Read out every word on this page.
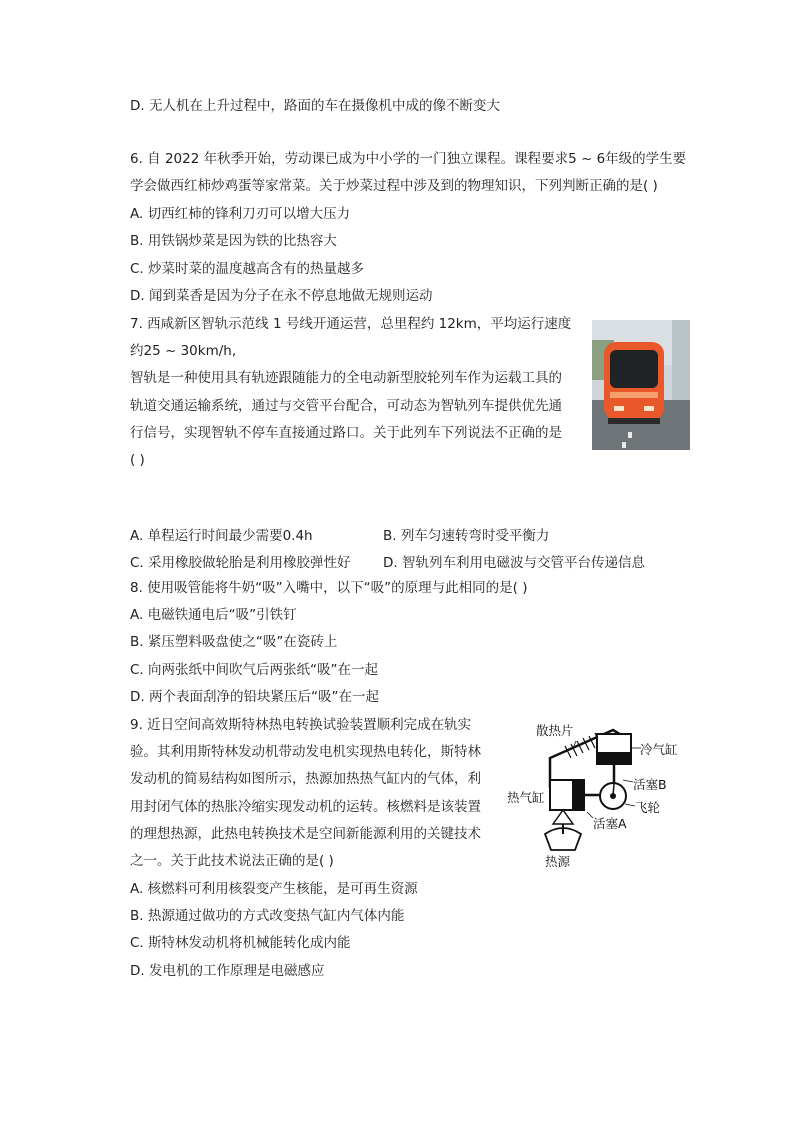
D. 无人机在上升过程中，路面的车在摄像机中成的像不断变大
6. 自 2022 年秋季开始，劳动课已成为中小学的一门独立课程。课程要求5 ~ 6年级的学生要
学会做西红柿炒鸡蛋等家常菜。关于炒菜过程中涉及到的物理知识，下列判断正确的是( )
A. 切西红柿的锋利刀刃可以增大压力
B. 用铁锅炒菜是因为铁的比热容大
C. 炒菜时菜的温度越高含有的热量越多
D. 闻到菜香是因为分子在永不停息地做无规则运动
7. 西咸新区智轨示范线 1 号线开通运营，总里程约 12km，平均运行速度
约25 ~ 30km/h,
智轨是一种使用具有轨迹跟随能力的全电动新型胶轮列车作为运载工具的
轨道交通运输系统，通过与交管平台配合，可动态为智轨列车提供优先通
行信号，实现智轨不停车直接通过路口。关于此列车下列说法不正确的是
( )
A. 单程运行时间最少需要0.4h	B. 列车匀速转弯时受平衡力
C. 采用橡胶做轮胎是利用橡胶弹性好 D. 智轨列车利用电磁波与交管平台传递信息
8. 使用吸管能将牛奶“吸”入嘴中，以下“吸”的原理与此相同的是( )
A. 电磁铁通电后“吸”引铁钉
B. 紧压塑料吸盘使之“吸”在瓷砖上
C. 向两张纸中间吹气后两张纸“吸”在一起
D. 两个表面刮净的铅块紧压后“吸”在一起
9. 近日空间高效斯特林热电转换试验装置顺利完成在轨实
验。其利用斯特林发动机带动发电机实现热电转化，斯特林
发动机的简易结构如图所示，热源加热热气缸内的气体，利
用封闭气体的热胀冷缩实现发动机的运转。核燃料是该装置
的理想热源，此热电转换技术是空间新能源利用的关键技术
之一。关于此技术说法正确的是( )
A. 核燃料可利用核裂变产生核能，是可再生资源
B. 热源通过做功的方式改变热气缸内气体内能
C. 斯特林发动机将机械能转化成内能
D. 发电机的工作原理是电磁感应
散热片
冷气缸
活塞B
热气缸
飞轮
活塞A
热源
